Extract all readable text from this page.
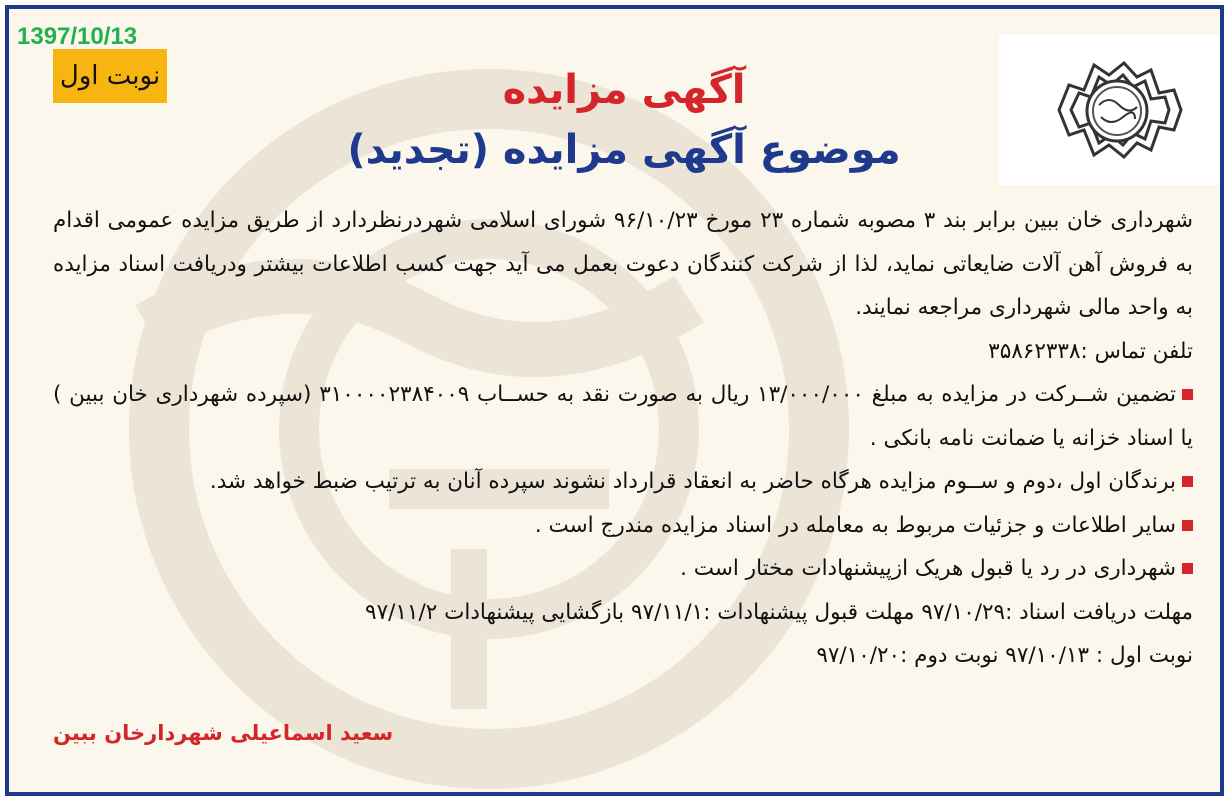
1397/10/13
نوبت اول	آگهی مزایده
موضوع آگهی مزایده (تجدید)

شهرداری خان ببین برابر بند ۳ مصوبه شماره ۲۳ مورخ ۹۶/۱۰/۲۳ شورای اسلامی شهردرنظردارد از طریق مزایده عمومی اقدام به فروش آهن آلات ضایعاتی نماید، لذا از شرکت کنندگان دعوت بعمل می آید جهت کسب اطلاعات بیشتر ودریافت اسناد مزایده به واحد مالی شهرداری مراجعه نمایند.

تلفن تماس :۳۵۸۶۲۳۳۸

تضمین شــرکت در مزایده به مبلغ ۱۳/۰۰۰/۰۰۰ ریال به صورت نقد به حســاب ۳۱۰۰۰۰۲۳۸۴۰۰۹ (سپرده شهرداری خان ببین ) یا اسناد خزانه یا ضمانت نامه بانکی .

برندگان اول ،دوم و ســوم مزایده هرگاه حاضر به انعقاد قرارداد نشوند سپرده آنان به ترتیب ضبط خواهد شد.

سایر اطلاعات و جزئیات مربوط به معامله در اسناد مزایده مندرج است .

شهرداری در رد یا قبول هریک ازپیشنهادات مختار است .

مهلت دریافت اسناد :۹۷/۱۰/۲۹ مهلت قبول پیشنهادات :۹۷/۱۱/۱ بازگشایی پیشنهادات ۹۷/۱۱/۲

نوبت اول : ۹۷/۱۰/۱۳ نوبت دوم :۹۷/۱۰/۲۰

سعید اسماعیلی شهردارخان ببین
